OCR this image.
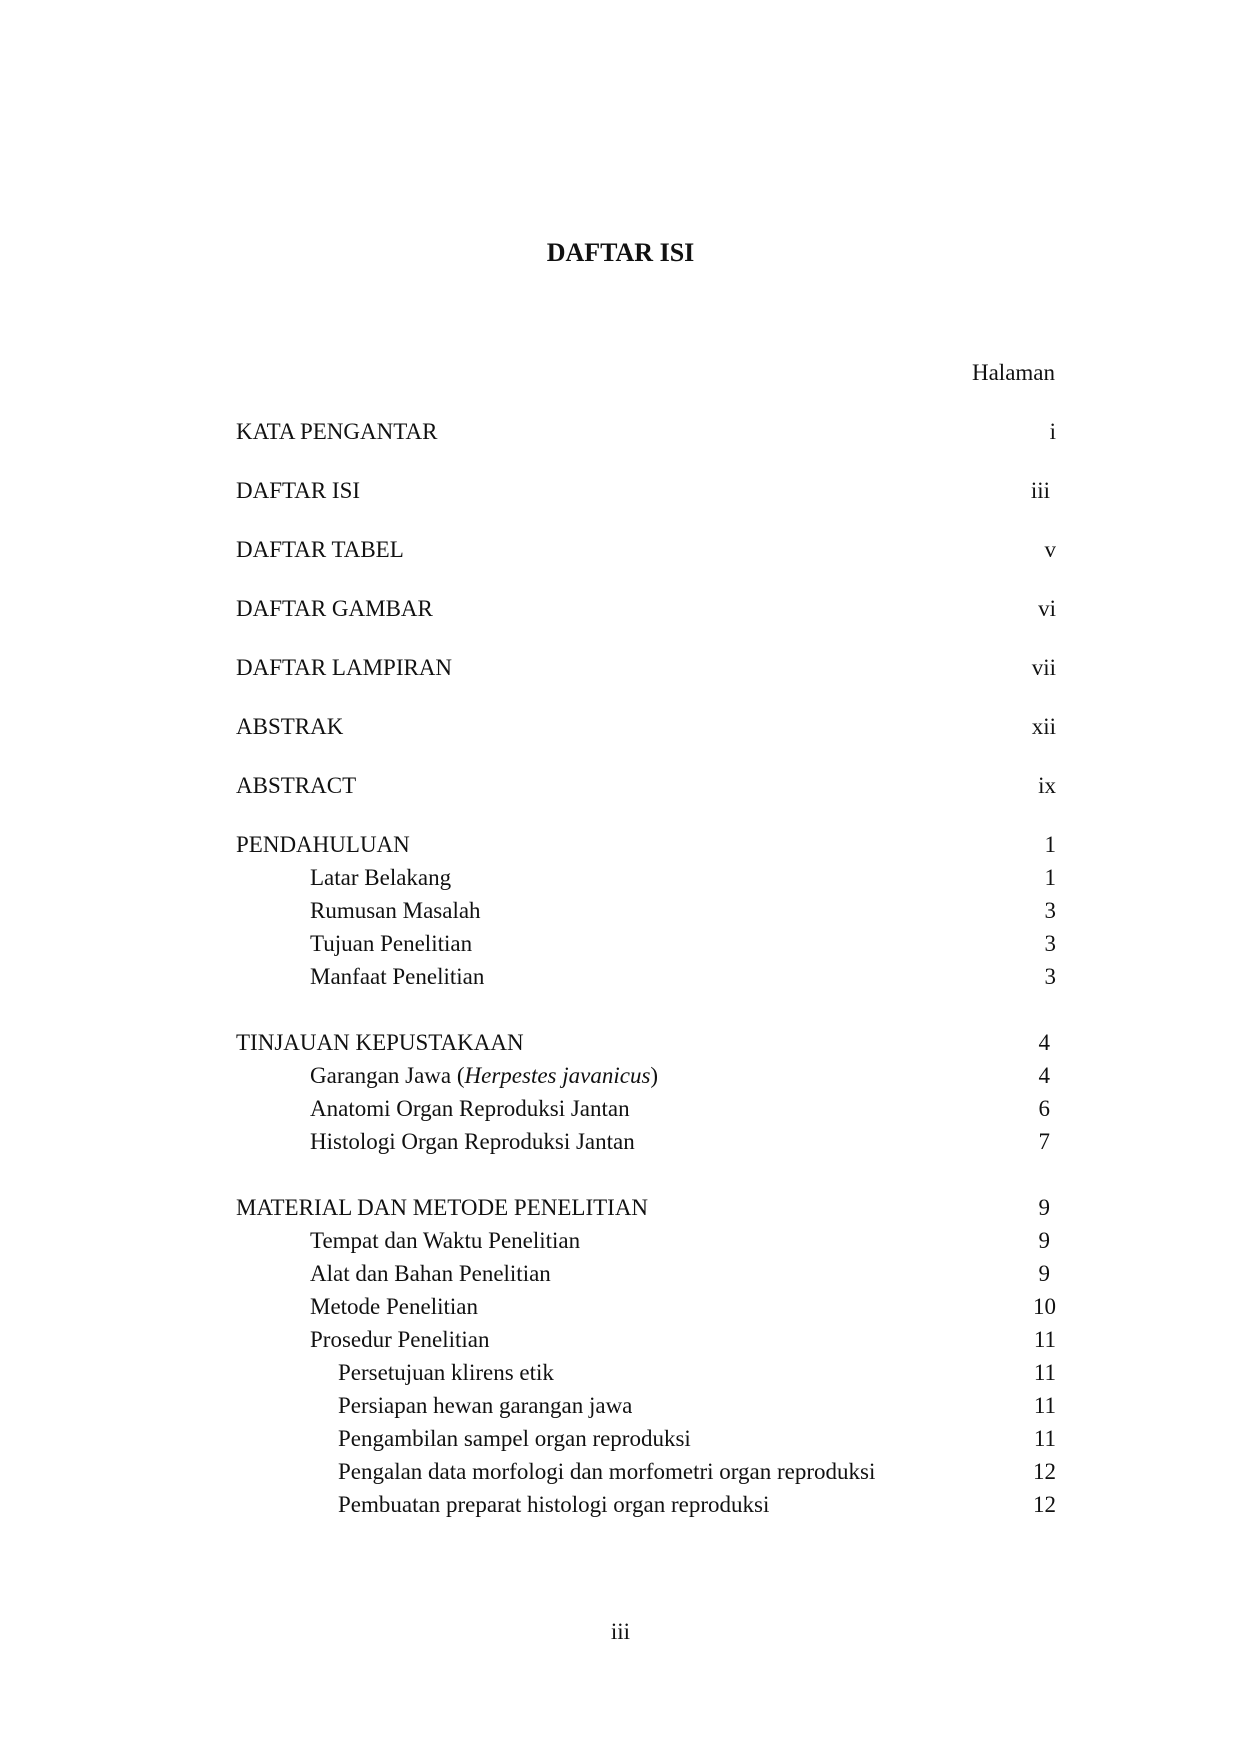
DAFTAR ISI
Halaman
KATA PENGANTAR	i
DAFTAR ISI	iii
DAFTAR TABEL	v
DAFTAR GAMBAR	vi
DAFTAR LAMPIRAN	vii
ABSTRAK	xii
ABSTRACT	ix
PENDAHULUAN	1
Latar Belakang	1
Rumusan Masalah	3
Tujuan Penelitian	3
Manfaat Penelitian	3
TINJAUAN KEPUSTAKAAN	4
Garangan Jawa (Herpestes javanicus)	4
Anatomi Organ Reproduksi Jantan	6
Histologi Organ Reproduksi Jantan	7
MATERIAL DAN METODE PENELITIAN	9
Tempat dan Waktu Penelitian	9
Alat dan Bahan Penelitian	9
Metode Penelitian	10
Prosedur Penelitian	11
Persetujuan klirens etik	11
Persiapan hewan garangan jawa	11
Pengambilan sampel organ reproduksi	11
Pengalan data morfologi dan morfometri organ reproduksi	12
Pembuatan preparat histologi organ reproduksi	12
iii
